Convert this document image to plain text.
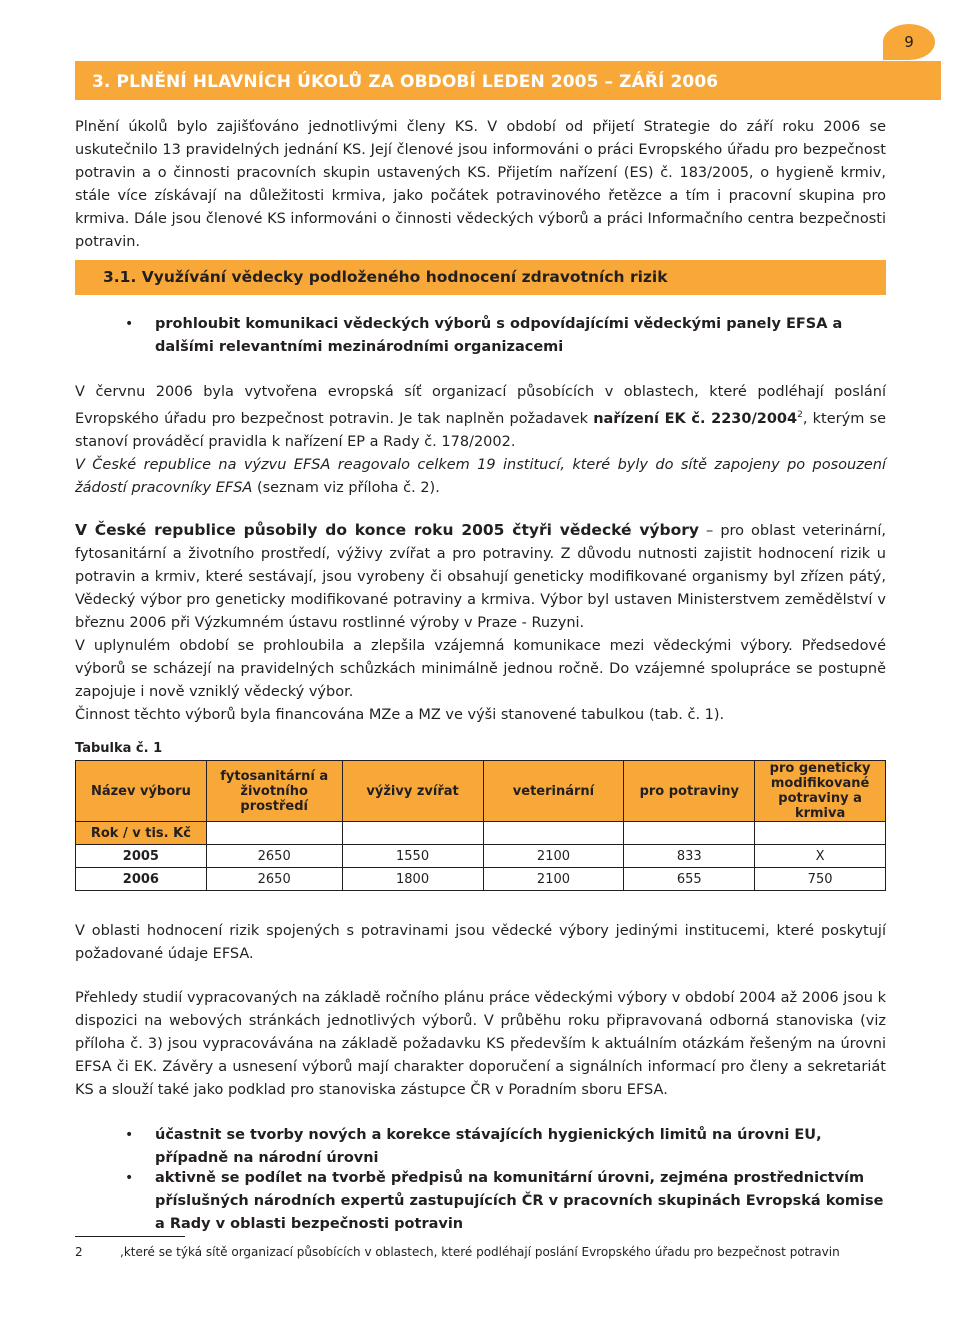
9
3. PLNĚNÍ HLAVNÍCH ÚKOLŮ ZA OBDOBÍ LEDEN 2005 – ZÁŘÍ 2006

Plnění úkolů bylo zajišťováno jednotlivými členy KS. V období od přijetí Strategie do září roku 2006 se uskutečnilo 13 pravidelných jednání KS. Její členové jsou informováni o práci Evropského úřadu pro bezpečnost potravin a o činnosti pracovních skupin ustavených KS. Přijetím nařízení (ES) č. 183/2005, o hygieně krmiv, stále více získávají na důležitosti krmiva, jako počátek potravinového řetězce a tím i pracovní skupina pro krmiva. Dále jsou členové KS informováni o činnosti vědeckých výborů a práci Informačního centra bezpečnosti potravin.

3.1. Využívání vědecky podloženého hodnocení zdravotních rizik
• prohloubit komunikaci vědeckých výborů s odpovídajícími vědeckými panely EFSA a dalšími relevantními mezinárodními organizacemi

V červnu 2006 byla vytvořena evropská síť organizací působících v oblastech, které podléhají poslání Evropského úřadu pro bezpečnost potravin. Je tak naplněn požadavek nařízení EK č. 2230/2004$^2$, kterým se stanoví prováděcí pravidla k nařízení EP a Rady č. 178/2002.
V České republice na výzvu EFSA reagovalo celkem 19 institucí, které byly do sítě zapojeny po posouzení žádostí pracovníky EFSA (seznam viz příloha č. 2).

V České republice působily do konce roku 2005 čtyři vědecké výbory – pro oblast veterinární, fytosanitární a životního prostředí, výživy zvířat a pro potraviny. Z důvodu nutnosti zajistit hodnocení rizik u potravin a krmiv, které sestávají, jsou vyrobeny či obsahují geneticky modifikované organismy byl zřízen pátý, Vědecký výbor pro geneticky modifikované potraviny a krmiva. Výbor byl ustaven Ministerstvem zemědělství v březnu 2006 při Výzkumném ústavu rostlinné výroby v Praze - Ruzyni.
V uplynulém období se prohloubila a zlepšila vzájemná komunikace mezi vědeckými výbory. Předsedové výborů se scházejí na pravidelných schůzkách minimálně jednou ročně. Do vzájemné spolupráce se postupně zapojuje i nově vzniklý vědecký výbor.
Činnost těchto výborů byla financována MZe a MZ ve výši stanovené tabulkou (tab. č. 1).

Tabulka č. 1
Název výboru	fytosanitární a životního prostředí	výživy zvířat	veterinární	pro potraviny	pro geneticky modifikované potraviny a krmiva
Rok / v tis. Kč					
2005	2650	1550	2100	833	X
2006	2650	1800	2100	655	750

V oblasti hodnocení rizik spojených s potravinami jsou vědecké výbory jedinými institucemi, které poskytují požadované údaje EFSA.

Přehledy studií vypracovaných na základě ročního plánu práce vědeckými výbory v období 2004 až 2006 jsou k dispozici na webových stránkách jednotlivých výborů. V průběhu roku připravovaná odborná stanoviska (viz příloha č. 3) jsou vypracovávána na základě požadavku KS především k aktuálním otázkám řešeným na úrovni EFSA či EK. Závěry a usnesení výborů mají charakter doporučení a signálních informací pro členy a sekretariát KS a slouží také jako podklad pro stanoviska zástupce ČR v Poradním sboru EFSA.

• účastnit se tvorby nových a korekce stávajících hygienických limitů na úrovni EU, případně na národní úrovni

• aktivně se podílet na tvorbě předpisů na komunitární úrovni, zejména prostřednictvím příslušných národních expertů zastupujících ČR v pracovních skupinách Evropská komise a Rady v oblasti bezpečnosti potravin

2	,které se týká sítě organizací působících v oblastech, které podléhají poslání Evropského úřadu pro bezpečnost potravin
